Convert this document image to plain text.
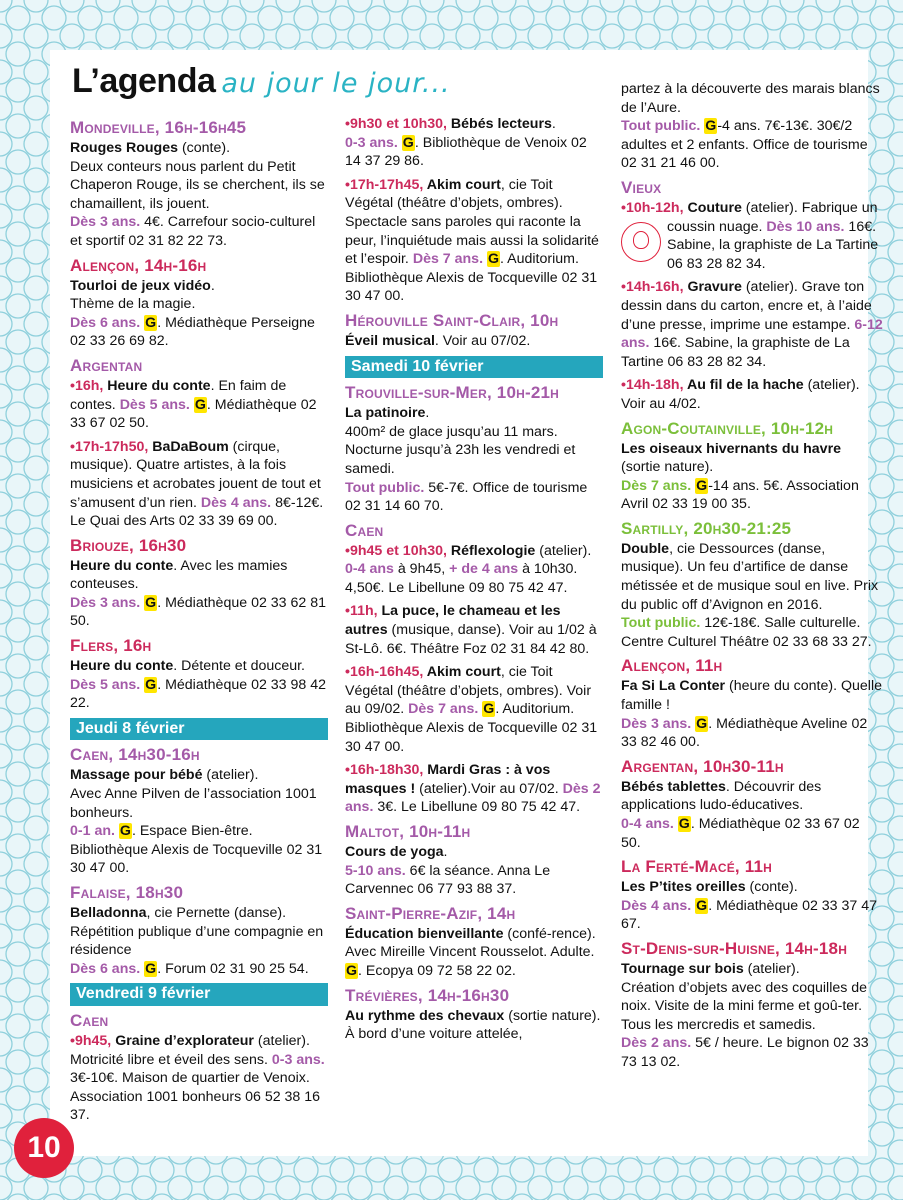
L’agenda au jour le jour...
Mondeville, 16h-16h45

Rouges Rouges (conte).
Deux conteurs nous parlent du Petit Chaperon Rouge, ils se cherchent, ils se chamaillent, ils jouent.
Dès 3 ans. 4€. Carrefour socio-culturel et sportif 02 31 82 22 73.

Alençon, 14h-16h

Tourloi de jeux vidéo.
Thème de la magie.
Dès 6 ans. G. Médiathèque Perseigne 02 33 26 69 82.

Argentan

•16h, Heure du conte. En faim de contes. Dès 5 ans. G. Médiathèque 02 33 67 02 50.

•17h-17h50, BaDaBoum (cirque, musique). Quatre artistes, à la fois musiciens et acrobates jouent de tout et s’amusent d’un rien. Dès 4 ans. 8€-12€. Le Quai des Arts 02 33 39 69 00.

Briouze, 16h30

Heure du conte. Avec les mamies conteuses.
Dès 3 ans. G. Médiathèque 02 33 62 81 50.

Flers, 16h

Heure du conte. Détente et douceur.
Dès 5 ans. G. Médiathèque 02 33 98 42 22.

Jeudi 8 février
Caen, 14h30-16h

Massage pour bébé (atelier).
Avec Anne Pilven de l’association 1001 bonheurs.
0-1 an. G. Espace Bien-être. Bibliothèque Alexis de Tocqueville 02 31 30 47 00.

Falaise, 18h30

Belladonna, cie Pernette (danse).
Répétition publique d’une compagnie en résidence
Dès 6 ans. G. Forum 02 31 90 25 54.

Vendredi 9 février
Caen

•9h45, Graine d’explorateur (atelier). Motricité libre et éveil des sens. 0-3 ans. 3€-10€. Maison de quartier de Venoix. Association 1001 bonheurs 06 52 38 16 37.

•9h30 et 10h30, Bébés lecteurs.
0-3 ans. G. Bibliothèque de Venoix 02 14 37 29 86.

•17h-17h45, Akim court, cie Toit Végétal (théâtre d’objets, ombres). Spectacle sans paroles qui raconte la peur, l’inquiétude mais aussi la solidarité et l’espoir. Dès 7 ans. G. Auditorium. Bibliothèque Alexis de Tocqueville 02 31 30 47 00.

Hérouville Saint-Clair, 10h

Éveil musical. Voir au 07/02.

Samedi 10 février
Trouville-sur-Mer, 10h-21h

La patinoire.
400m² de glace jusqu’au 11 mars. Nocturne jusqu’à 23h les vendredi et samedi.
Tout public. 5€-7€. Office de tourisme 02 31 14 60 70.

Caen

•9h45 et 10h30, Réflexologie (atelier). 0-4 ans à 9h45, + de 4 ans à 10h30. 4,50€. Le Libellune 09 80 75 42 47.

•11h, La puce, le chameau et les autres (musique, danse). Voir au 1/02 à St-Lô. 6€. Théâtre Foz 02 31 84 42 80.

•16h-16h45, Akim court, cie Toit Végétal (théâtre d’objets, ombres). Voir au 09/02. Dès 7 ans. G. Auditorium. Bibliothèque Alexis de Tocqueville 02 31 30 47 00.

•16h-18h30, Mardi Gras : à vos masques ! (atelier).Voir au 07/02. Dès 2 ans. 3€. Le Libellune 09 80 75 42 47.

Maltot, 10h-11h

Cours de yoga.
5-10 ans. 6€ la séance. Anna Le Carvennec 06 77 93 88 37.

Saint-Pierre-Azif, 14h

Éducation bienveillante (confé-rence). Avec Mireille Vincent Rousselot. Adulte. G. Ecopya 09 72 58 22 02.

Trévières, 14h-16h30

Au rythme des chevaux (sortie nature). À bord d’une voiture attelée,

partez à la découverte des marais blancs de l’Aure.
Tout public. G-4 ans. 7€-13€. 30€/2 adultes et 2 enfants. Office de tourisme 02 31 21 46 00.

Vieux

•10h-12h, Couture (atelier). Fabrique un coussin nuage.
Dès 10 ans. 16€. Sabine, la graphiste de La Tartine 06 83 28 82 34.

•14h-16h, Gravure (atelier). Grave ton dessin dans du carton, encre et, à l’aide d’une presse, imprime une estampe. 6-12 ans. 16€. Sabine, la graphiste de La Tartine 06 83 28 82 34.

•14h-18h, Au fil de la hache (atelier). Voir au 4/02.

Agon-Coutainville, 10h-12h

Les oiseaux hivernants du havre (sortie nature).
Dès 7 ans. G-14 ans. 5€. Association Avril 02 33 19 00 35.

Sartilly, 20h30-21:25

Double, cie Dessources (danse, musique). Un feu d’artifice de danse métissée et de musique soul en live. Prix du public off d’Avignon en 2016.
Tout public. 12€-18€. Salle culturelle. Centre Culturel Théâtre 02 33 68 33 27.

Alençon, 11h

Fa Si La Conter (heure du conte). Quelle famille !
Dès 3 ans. G. Médiathèque Aveline 02 33 82 46 00.

Argentan, 10h30-11h

Bébés tablettes. Découvrir des applications ludo-éducatives.
0-4 ans. G. Médiathèque 02 33 67 02 50.

La Ferté-Macé, 11h

Les P’tites oreilles (conte).
Dès 4 ans. G. Médiathèque 02 33 37 47 67.

St-Denis-sur-Huisne, 14h-18h

Tournage sur bois (atelier).
Création d’objets avec des coquilles de noix. Visite de la mini ferme et goû-ter. Tous les mercredis et samedis.
Dès 2 ans. 5€ / heure. Le bignon 02 33 73 13 02.

10
